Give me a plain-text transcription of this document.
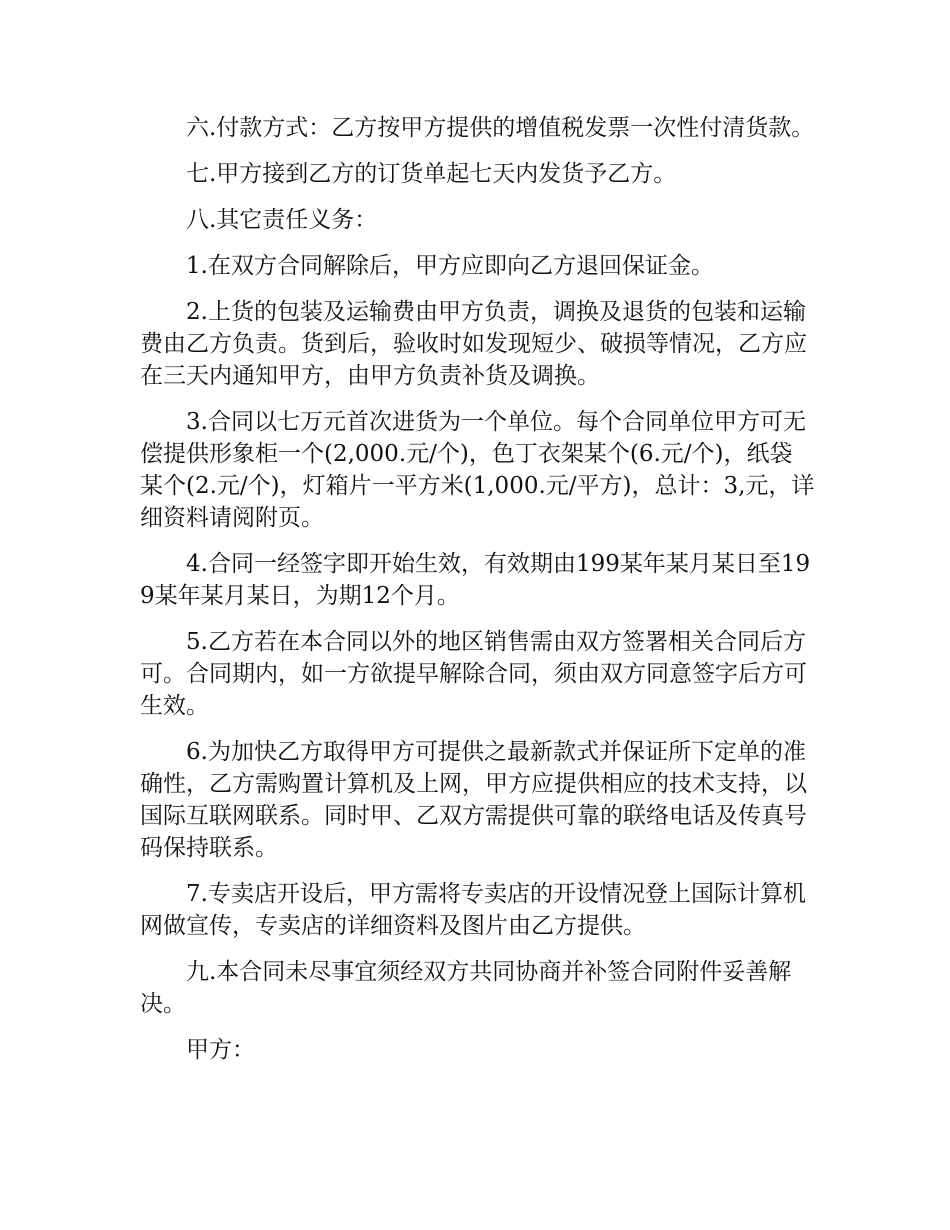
六.付款方式：乙方按甲方提供的增值税发票一次性付清货款。

七.甲方接到乙方的订货单起七天内发货予乙方。

八.其它责任义务：

1.在双方合同解除后，甲方应即向乙方退回保证金。

2.上货的包装及运输费由甲方负责，调换及退货的包装和运输费由乙方负责。货到后，验收时如发现短少、破损等情况，乙方应在三天内通知甲方，由甲方负责补货及调换。

3.合同以七万元首次进货为一个单位。每个合同单位甲方可无偿提供形象柜一个(2,000.元/个)，色丁衣架某个(6.元/个)，纸袋某个(2.元/个)，灯箱片一平方米(1,000.元/平方)，总计：3,元，详细资料请阅附页。

4.合同一经签字即开始生效，有效期由199某年某月某日至199某年某月某日，为期12个月。

5.乙方若在本合同以外的地区销售需由双方签署相关合同后方可。合同期内，如一方欲提早解除合同，须由双方同意签字后方可生效。

6.为加快乙方取得甲方可提供之最新款式并保证所下定单的准确性，乙方需购置计算机及上网，甲方应提供相应的技术支持，以国际互联网联系。同时甲、乙双方需提供可靠的联络电话及传真号码保持联系。

7.专卖店开设后，甲方需将专卖店的开设情况登上国际计算机网做宣传，专卖店的详细资料及图片由乙方提供。

九.本合同未尽事宜须经双方共同协商并补签合同附件妥善解决。

甲方：
